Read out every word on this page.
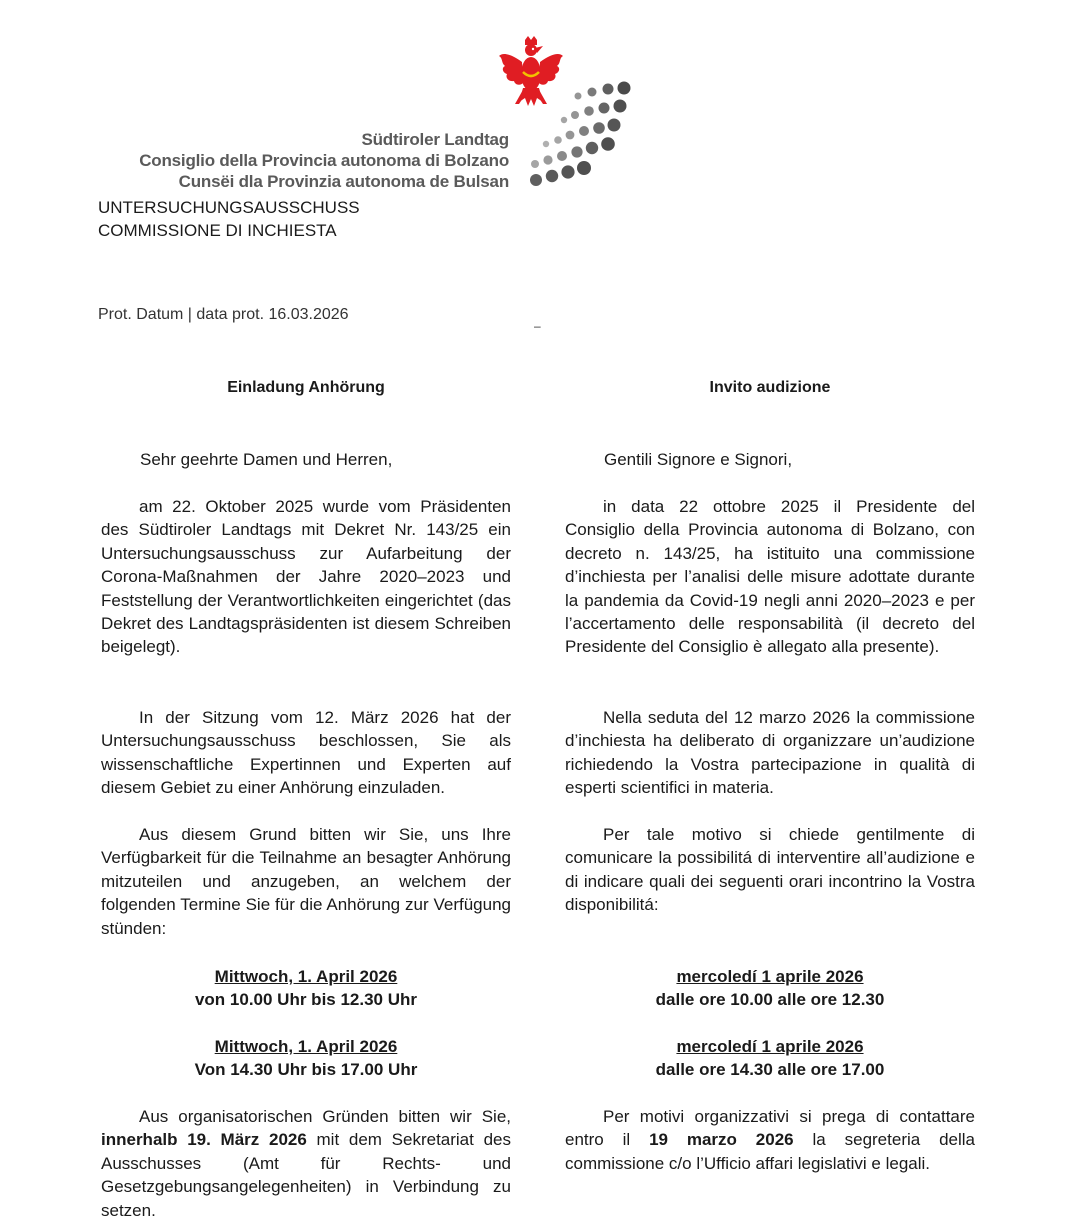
Südtiroler Landtag
Consiglio della Provincia autonoma di Bolzano
Cunsëi dla Provinzia autonoma de Bulsan
UNTERSUCHUNGSAUSSCHUSS
COMMISSIONE DI INCHIESTA
Prot. Datum | data prot. 16.03.2026
–
Einladung Anhörung
Sehr geehrte Damen und Herren,

am 22. Oktober 2025 wurde vom Präsidenten des Südtiroler Landtags mit Dekret Nr. 143/25 ein Untersuchungsausschuss zur Aufarbeitung der Corona-Maßnahmen der Jahre 2020–2023 und Feststellung der Verantwortlichkeiten eingerichtet (das Dekret des Landtagspräsidenten ist diesem Schreiben beigelegt).

In der Sitzung vom 12. März 2026 hat der Untersuchungsausschuss beschlossen, Sie als wissenschaftliche Expertinnen und Experten auf diesem Gebiet zu einer Anhörung einzuladen.

Aus diesem Grund bitten wir Sie, uns Ihre Verfügbarkeit für die Teilnahme an besagter Anhörung mitzuteilen und anzugeben, an welchem der folgenden Termine Sie für die Anhörung zur Verfügung stünden:

Mittwoch, 1. April 2026
von 10.00 Uhr bis 12.30 Uhr
Mittwoch, 1. April 2026
Von 14.30 Uhr bis 17.00 Uhr

Aus organisatorischen Gründen bitten wir Sie, innerhalb 19. März 2026 mit dem Sekretariat des Ausschusses (Amt für Rechts- und Gesetzgebungsangelegenheiten) in Verbindung zu setzen.

Invito audizione
Gentili Signore e Signori,

in data 22 ottobre 2025 il Presidente del Consiglio della Provincia autonoma di Bolzano, con decreto n. 143/25, ha istituito una commissione d’inchiesta per l’analisi delle misure adottate durante la pandemia da Covid-19 negli anni 2020–2023 e per l’accertamento delle responsabilità (il decreto del Presidente del Consiglio è allegato alla presente).

Nella seduta del 12 marzo 2026 la commissione d’inchiesta ha deliberato di organizzare un’audizione richiedendo la Vostra partecipazione in qualità di esperti scientifici in materia.

Per tale motivo si chiede gentilmente di comunicare la possibilitá di interventire all’audizione e di indicare quali dei seguenti orari incontrino la Vostra disponibilitá:

mercoledí 1 aprile 2026
dalle ore 10.00 alle ore 12.30
mercoledí 1 aprile 2026
dalle ore 14.30 alle ore 17.00

Per motivi organizzativi si prega di contattare entro il 19 marzo 2026 la segreteria della commissione c/o l’Ufficio affari legislativi e legali.
